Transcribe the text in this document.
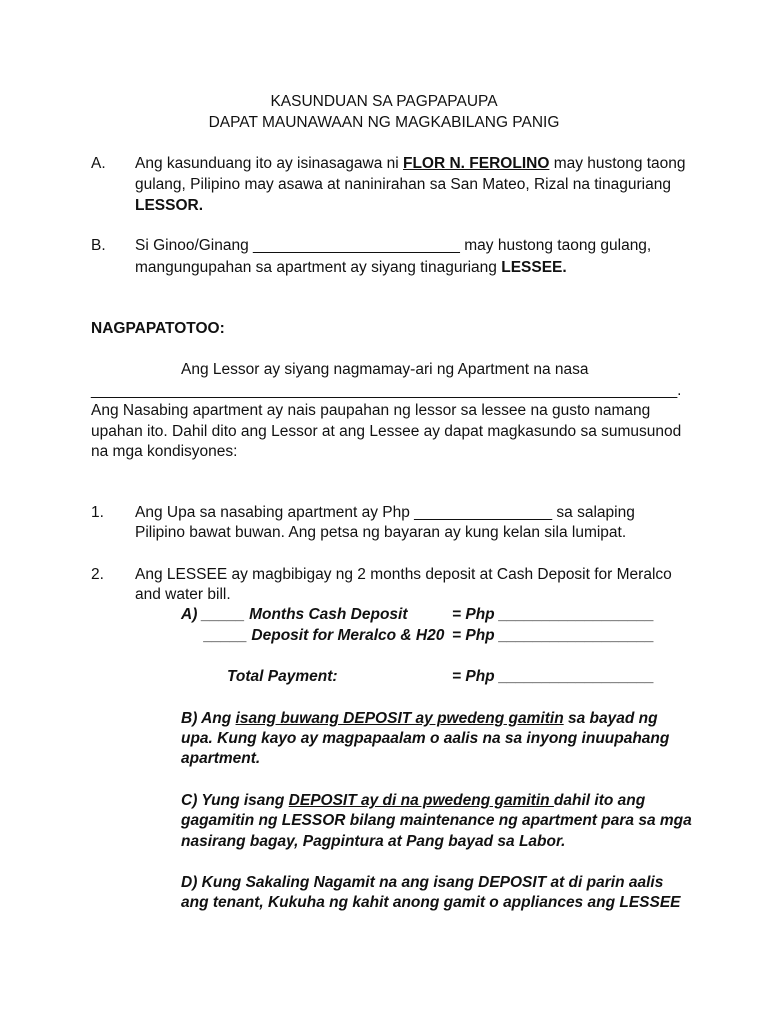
KASUNDUAN SA PAGPAPAUPA
DAPAT MAUNAWAAN NG MAGKABILANG PANIG
A. Ang kasunduang ito ay isinasagawa ni FLOR N. FEROLINO may hustong taong
gulang, Pilipino may asawa at naninirahan sa San Mateo, Rizal na tinaguriang
LESSOR.
B. Si Ginoo/Ginang ________________________ may hustong taong gulang,
mangungupahan sa apartment ay siyang tinaguriang LESSEE.
NAGPAPATOTOO:
Ang Lessor ay siyang nagmamay-ari ng Apartment na nasa
____________________________________________________________________.
Ang Nasabing apartment ay nais paupahan ng lessor sa lessee na gusto namang
upahan ito. Dahil dito ang Lessor at ang Lessee ay dapat magkasundo sa sumusunod
na mga kondisyones:
1. Ang Upa sa nasabing apartment ay Php ________________ sa salaping
Pilipino bawat buwan. Ang petsa ng bayaran ay kung kelan sila lumipat.
2. Ang LESSEE ay magbibigay ng 2 months deposit at Cash Deposit for Meralco
and water bill.
A) _____ Months Cash Deposit	= Php __________________
_____ Deposit for Meralco & H20 = Php __________________
Total Payment:	= Php __________________
B) Ang isang buwang DEPOSIT ay pwedeng gamitin sa bayad ng
upa. Kung kayo ay magpapaalam o aalis na sa inyong inuupahang
apartment.
C) Yung isang DEPOSIT ay di na pwedeng gamitin dahil ito ang
gagamitin ng LESSOR bilang maintenance ng apartment para sa mga
nasirang bagay, Pagpintura at Pang bayad sa Labor.
D) Kung Sakaling Nagamit na ang isang DEPOSIT at di parin aalis
ang tenant, Kukuha ng kahit anong gamit o appliances ang LESSEE
